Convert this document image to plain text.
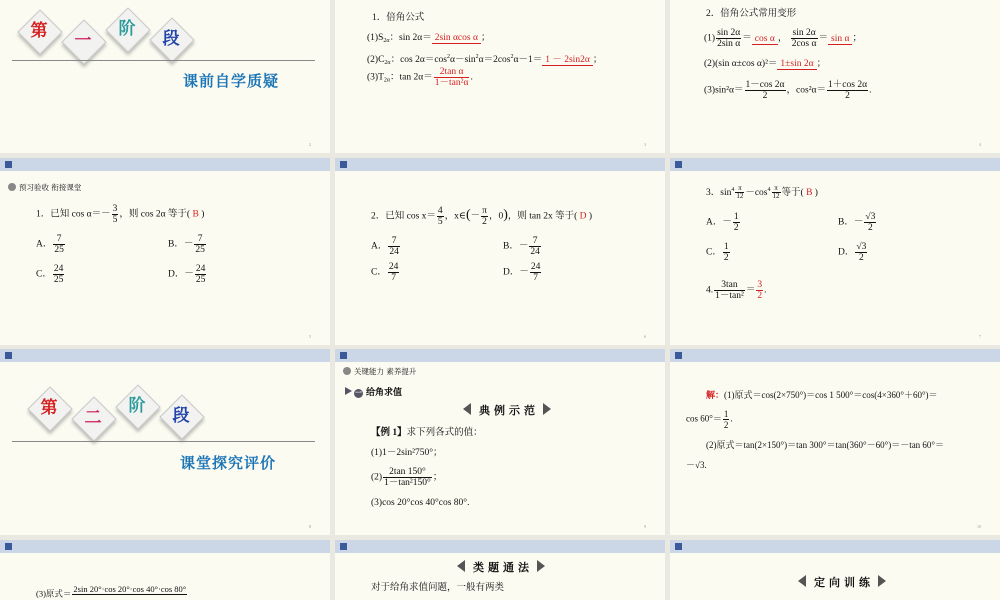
第	一
阶	段
课前自学质疑
2
1．倍角公式
$(1)S_{2\alpha}$：sin 2α＝ 2sin αcos α ；
$(2)C_{2\alpha}$：$\cos 2\alpha=\cos^2\alpha-\sin^2\alpha=2\cos^2\alpha-1= 1 - 2\sin 2\alpha$ ；
$(3)T_{2\alpha}$：$\tan 2\alpha= \frac{\text{2tan α}}{\text{1－tan²α}}$ .
3
2．倍角公式常用变形
$(1) \frac{\sin 2\alpha}{\text{2sin α}} = \cos \alpha$ ， $\frac{\sin 2\alpha}{\text{2cos α}} = \sin \alpha$ ；
(2)(sin α±cos α)²＝ 1±sin 2α ；
$(3)\sin^2\alpha= \frac{1-\cos 2\alpha}{2}$ ，$\cos^2\alpha= \frac{1+\cos 2\alpha}{2}$ .
4
预习验收 衔接课堂
1．已知 $\cos \alpha=- \frac{3}{5}$ ，则 cos 2α 等于( B )
A． $\frac{7}{25}$	B．－ $\frac{7}{25}$
C． $\frac{24}{25}$	D．－ $\frac{24}{25}$
5
2．已知 $\cos x= \frac{4}{5}$ ，x∈(－ $\frac{\pi}{2}$ ，0)，则 tan 2x 等于( D )
A． $\frac{7}{24}$	B．－ $\frac{7}{24}$
C． $\frac{24}{7}$	D．－ $\frac{24}{7}$
6
3．$\sin^4 \frac{\pi}{12} -\cos^4 \frac{\pi}{12}$ 等于( B )
A．－ $\frac{1}{2}$	B．－ $\frac{√3}{2}$
C． $\frac{1}{2}$	D． $\frac{√3}{2}$
4. $\frac{3\tan}{\text{1－tan²}} = \frac{3}{2}$ .
7
第	二
阶	段
课堂探究评价
8
关键能力 素养提升
一 给角求值
典例示范
【例 1】求下列各式的值：
(1)1－2sin²750°；
$(2) \frac{2\tan 150^\circ}{\text{1－tan²150°}}$ ；
(3)cos 20°cos 40°cos 80°.
9
解：(1)原式＝cos(2×750°)＝cos 1 500°＝cos(4×360°＋60°)＝
$\cos 60^\circ= \frac{1}{2}$ .
(2)原式＝tan(2×150°)＝tan 300°＝tan(360°－60°)＝－tan 60°＝
－√3.
10
(3)原式＝ 2sin 20°·cos 20°·cos 40°·cos 80°

类题通法
对于给角求值问题，一般有两类	定向训练
